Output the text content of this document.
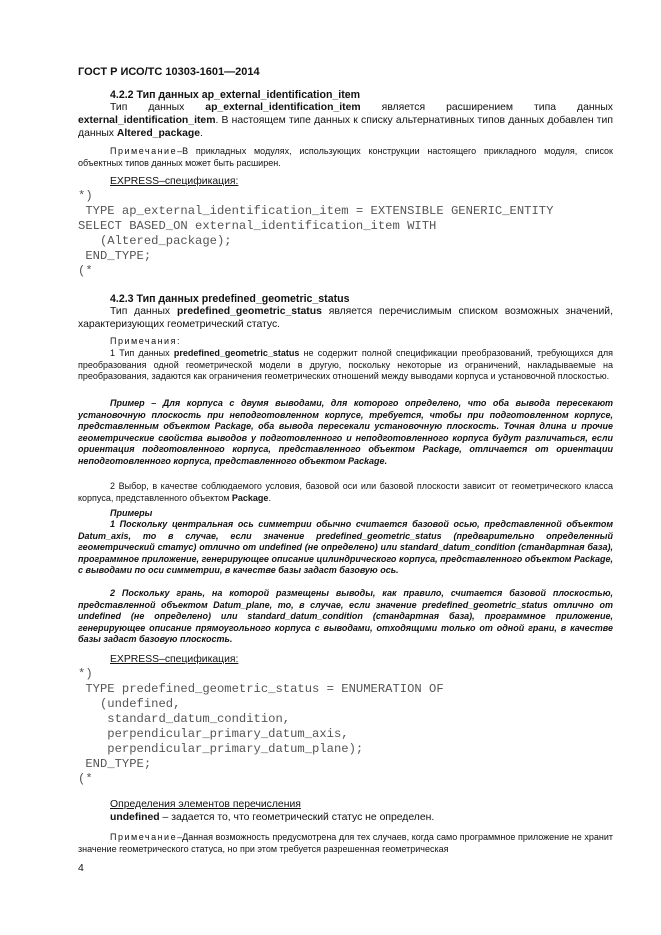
ГОСТ Р ИСО/ТС 10303-1601—2014
4.2.2 Тип данных ap_external_identification_item
Тип данных ap_external_identification_item является расширением типа данных external_identification_item. В настоящем типе данных к списку альтернативных типов данных добавлен тип данных Altered_package.
Примечание–В прикладных модулях, использующих конструкции настоящего прикладного модуля, список объектных типов данных может быть расширен.
EXPRESS–спецификация:
*)
TYPE ap_external_identification_item = EXTENSIBLE GENERIC_ENTITY
SELECT BASED_ON external_identification_item WITH
(Altered_package);
END_TYPE;
(*
4.2.3 Тип данных predefined_geometric_status
Тип данных predefined_geometric_status является перечислимым списком возможных значений, характеризующих геометрический статус.
Примечания:
1 Тип данных predefined_geometric_status не содержит полной спецификации преобразований, требующихся для преобразования одной геометрической модели в другую, поскольку некоторые из ограничений, накладываемые на преобразования, задаются как ограничения геометрических отношений между выводами корпуса и установочной плоскостью.
Пример – Для корпуса с двумя выводами, для которого определено, что оба вывода пересекают установочную плоскость при неподготовленном корпусе, требуется, чтобы при подготовленном корпусе, представленным объектом Package, оба вывода пересекали установочную плоскость. Точная длина и прочие геометрические свойства выводов у подготовленного и неподготовленного корпуса будут различаться, если ориентация подготовленного корпуса, представленного объектом Package, отличается от ориентации неподготовленного корпуса, представленного объектом Package.
2 Выбор, в качестве соблюдаемого условия, базовой оси или базовой плоскости зависит от геометрического класса корпуса, представленного объектом Package.
Примеры
1 Поскольку центральная ось симметрии обычно считается базовой осью, представленной объектом Datum_axis, то в случае, если значение predefined_geometric_status (предварительно определенный геометрический статус) отлично от undefined (не определено) или standard_datum_condition (стандартная база), программное приложение, генерирующее описание цилиндрического корпуса, представленного объектом Package, с выводами по оси симметрии, в качестве базы задаст базовую ось.
2 Поскольку грань, на которой размещены выводы, как правило, считается базовой плоскостью, представленной объектом Datum_plane, то, в случае, если значение predefined_geometric_status отлично от undefined (не определено) или standard_datum_condition (стандартная база), программное приложение, генерирующее описание прямоугольного корпуса с выводами, отходящими только от одной грани, в качестве базы задаст базовую плоскость.
EXPRESS–спецификация:
*)
TYPE predefined_geometric_status = ENUMERATION OF
(undefined,
standard_datum_condition,
perpendicular_primary_datum_axis,
perpendicular_primary_datum_plane);
END_TYPE;
(*
Определения элементов перечисления
undefined – задается то, что геометрический статус не определен.
Примечание–Данная возможность предусмотрена для тех случаев, когда само программное приложение не хранит значение геометрического статуса, но при этом требуется разрешенная геометрическая
4
